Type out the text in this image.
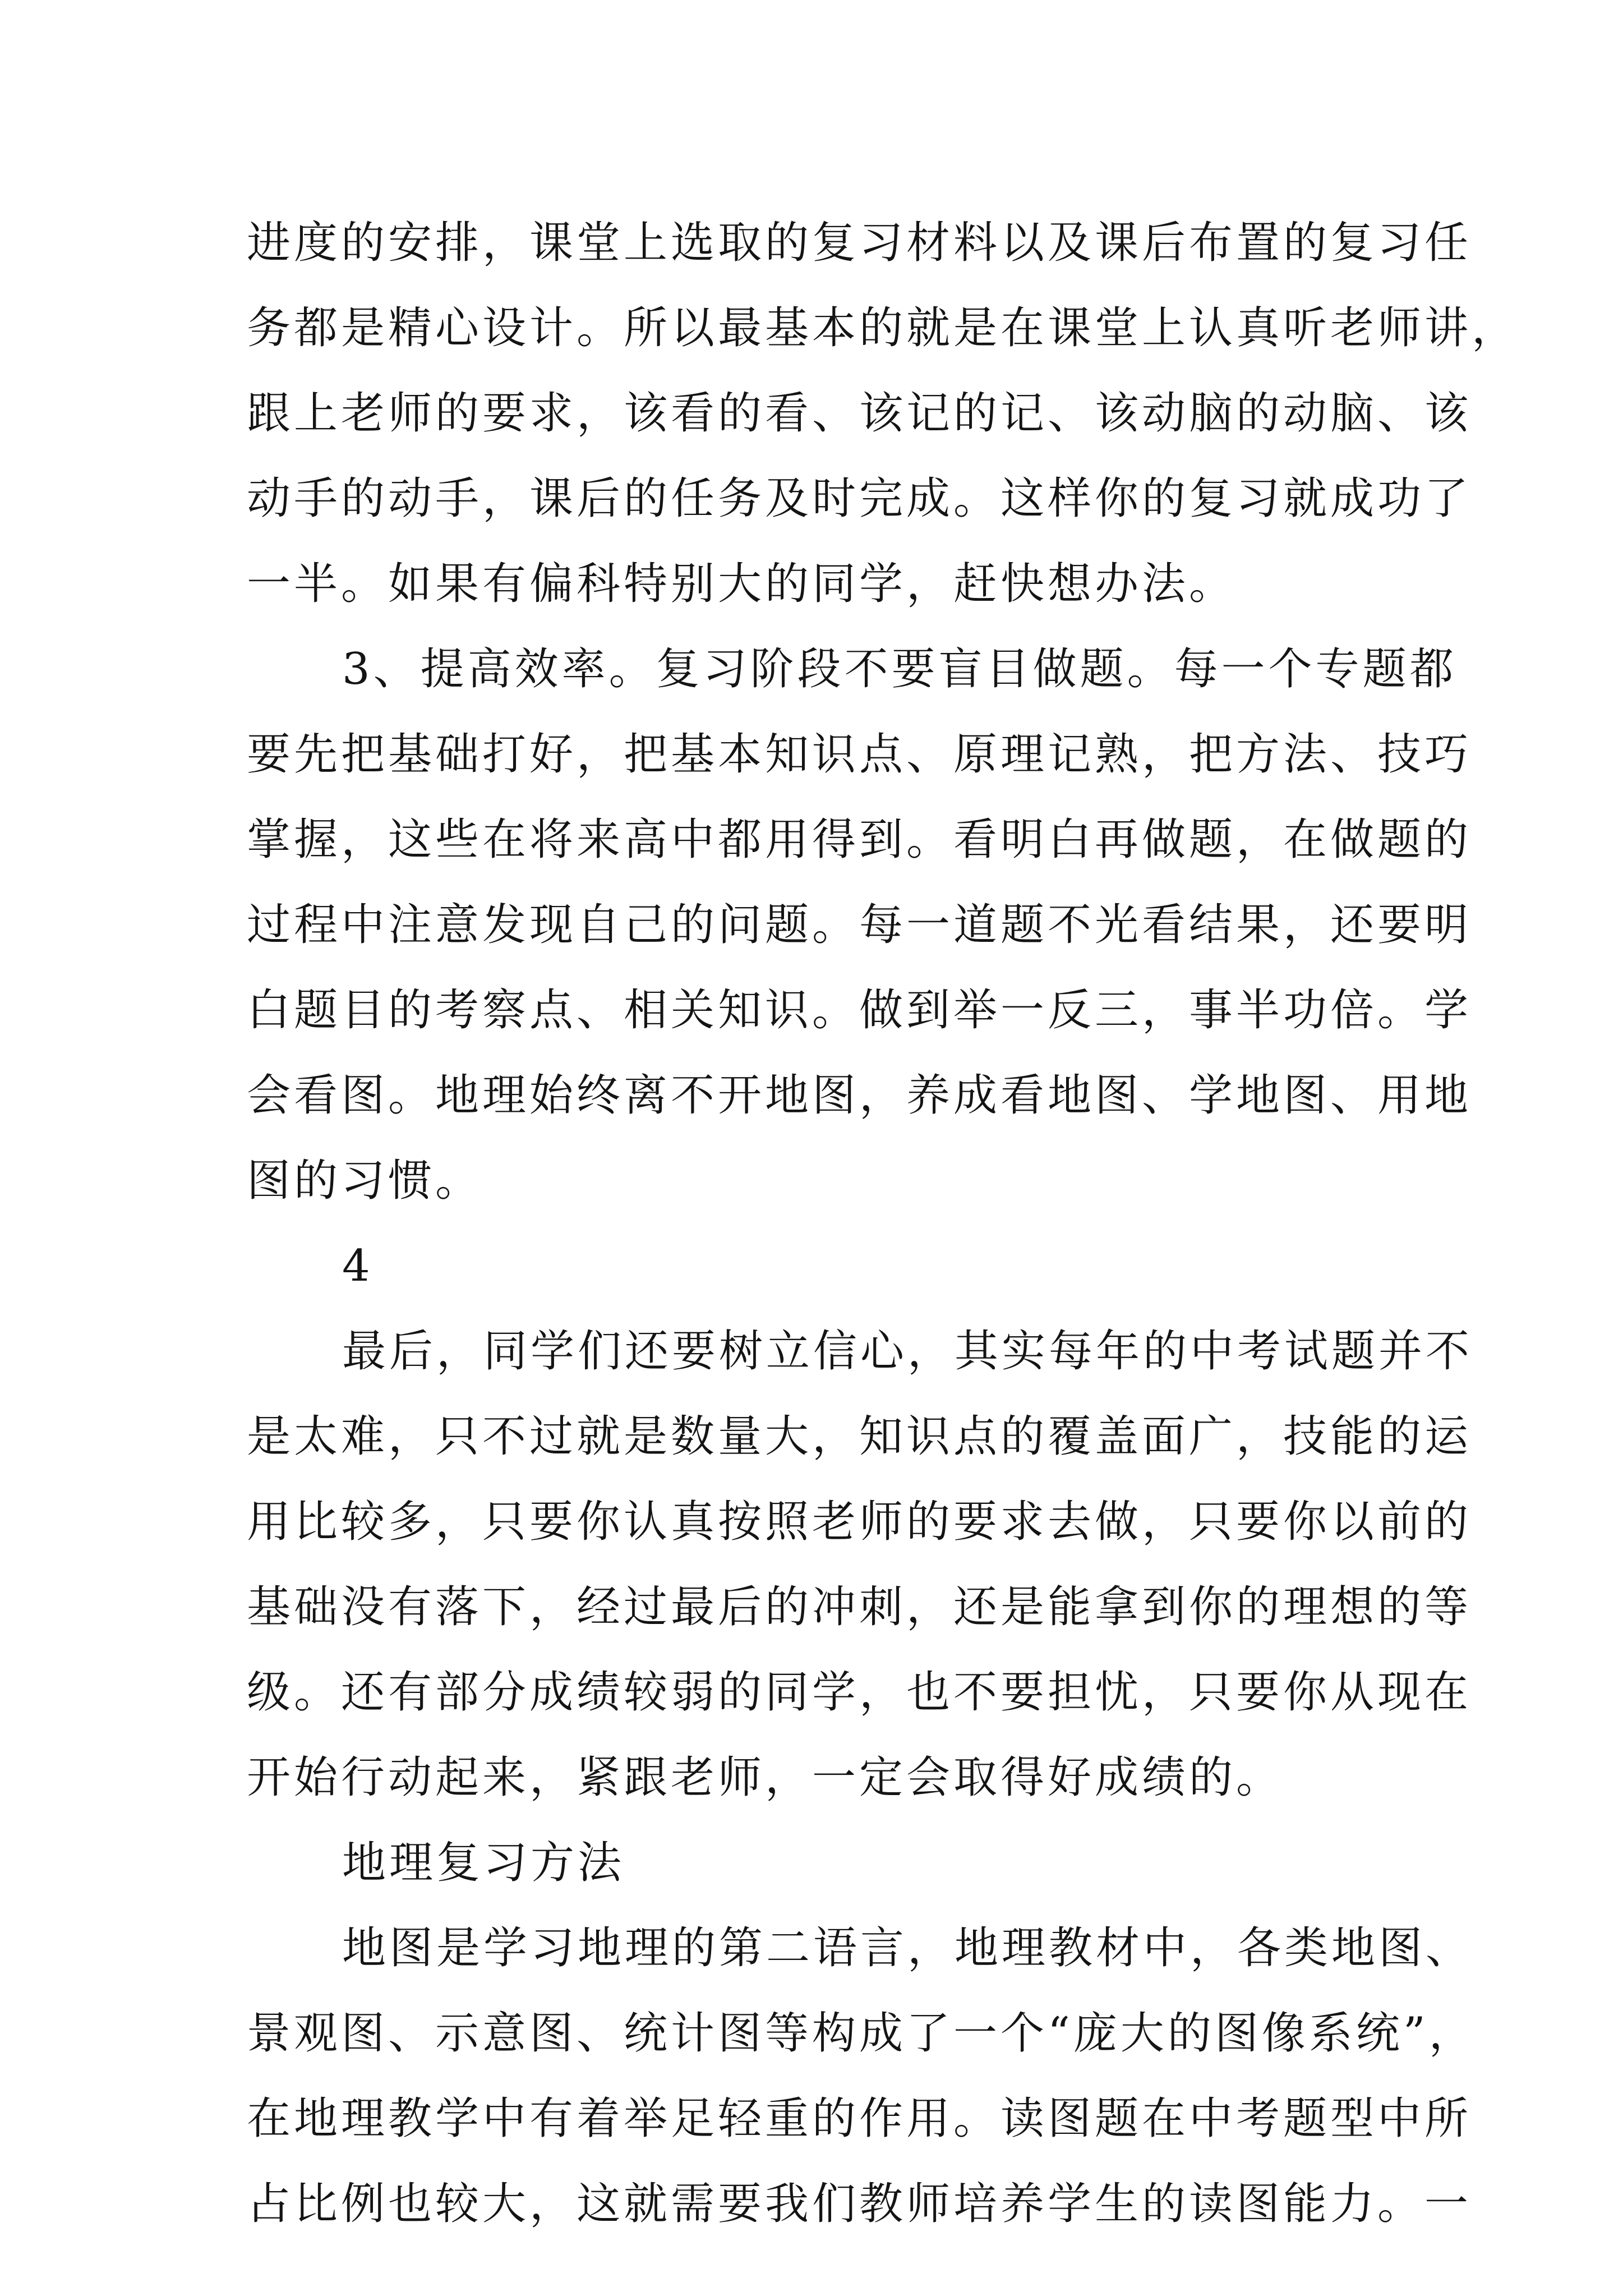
进度的安排，课堂上选取的复习材料以及课后布置的复习任
务都是精心设计。所以最基本的就是在课堂上认真听老师讲，
跟上老师的要求，该看的看、该记的记、该动脑的动脑、该
动手的动手，课后的任务及时完成。这样你的复习就成功了
一半。如果有偏科特别大的同学，赶快想办法。
3、提高效率。复习阶段不要盲目做题。每一个专题都
要先把基础打好，把基本知识点、原理记熟，把方法、技巧
掌握，这些在将来高中都用得到。看明白再做题，在做题的
过程中注意发现自己的问题。每一道题不光看结果，还要明
白题目的考察点、相关知识。做到举一反三，事半功倍。学
会看图。地理始终离不开地图，养成看地图、学地图、用地
图的习惯。
4
最后，同学们还要树立信心，其实每年的中考试题并不
是太难，只不过就是数量大，知识点的覆盖面广，技能的运
用比较多，只要你认真按照老师的要求去做，只要你以前的
基础没有落下，经过最后的冲刺，还是能拿到你的理想的等
级。还有部分成绩较弱的同学，也不要担忧，只要你从现在
开始行动起来，紧跟老师，一定会取得好成绩的。
地理复习方法
地图是学习地理的第二语言，地理教材中，各类地图、
景观图、示意图、统计图等构成了一个“庞大的图像系统”，
在地理教学中有着举足轻重的作用。读图题在中考题型中所
占比例也较大，这就需要我们教师培养学生的读图能力。一
